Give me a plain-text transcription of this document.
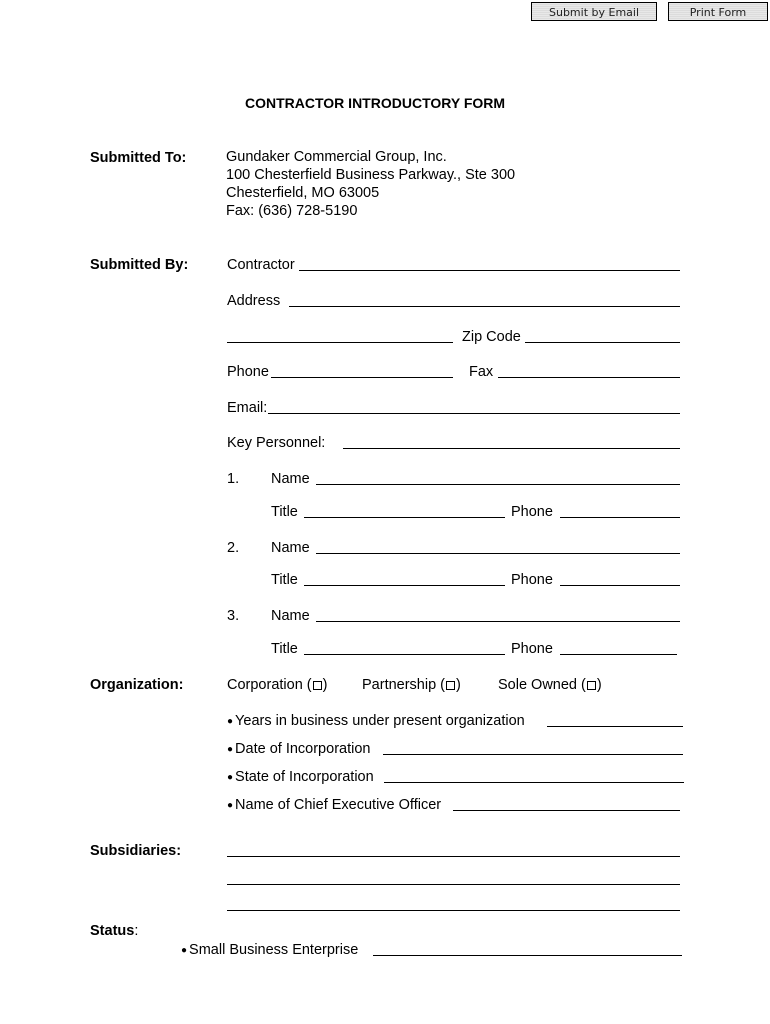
Submit by Email	Print Form
CONTRACTOR INTRODUCTORY FORM
Submitted To:	Gundaker Commercial Group, Inc.
100 Chesterfield Business Parkway., Ste 300
Chesterfield, MO 63005
Fax: (636) 728-5190
Submitted By:	Contractor
Address
Zip Code
Phone	Fax
Email:
Key Personnel:
1. Name
Title	Phone
2. Name
Title	Phone
3. Name
Title	Phone
Organization:	Corporation ( ) Partnership ( )	Sole Owned ( )
● Years in business under present organization
● Date of Incorporation
● State of Incorporation
● Name of Chief Executive Officer
Subsidiaries:
Status:
● Small Business Enterprise
